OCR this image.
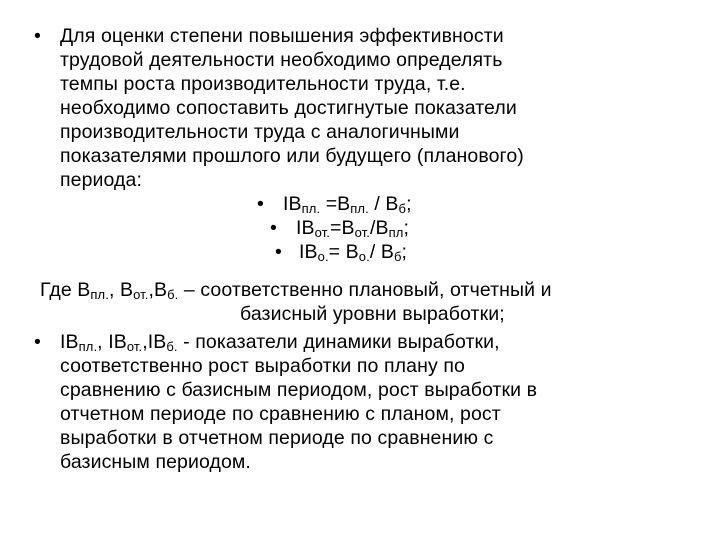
• Для оценки степени повышения эффективности
трудовой деятельности необходимо определять
темпы роста производительности труда, т.е.
необходимо сопоставить достигнутые показатели
производительности труда с аналогичными
показателями прошлого или будущего (планового)
периода:
• $IB_{пл.} =B_{пл.} / B_б$;
• $IB_{от.}=B_{от.}/B_{пл}$;
• $IB_{о.}= B_{о.}/$ $B_б$;
Где $B_{пл.}$, $B_{от.},B_{б.}$ – соответственно плановый, отчетный и
базисный уровни выработки;
• $IB_{пл.}$, $IB_{от.},IB_{б.}$ - показатели динамики выработки,
соответственно рост выработки по плану по
сравнению с базисным периодом, рост выработки в
отчетном периоде по сравнению с планом, рост
выработки в отчетном периоде по сравнению с
базисным периодом.
